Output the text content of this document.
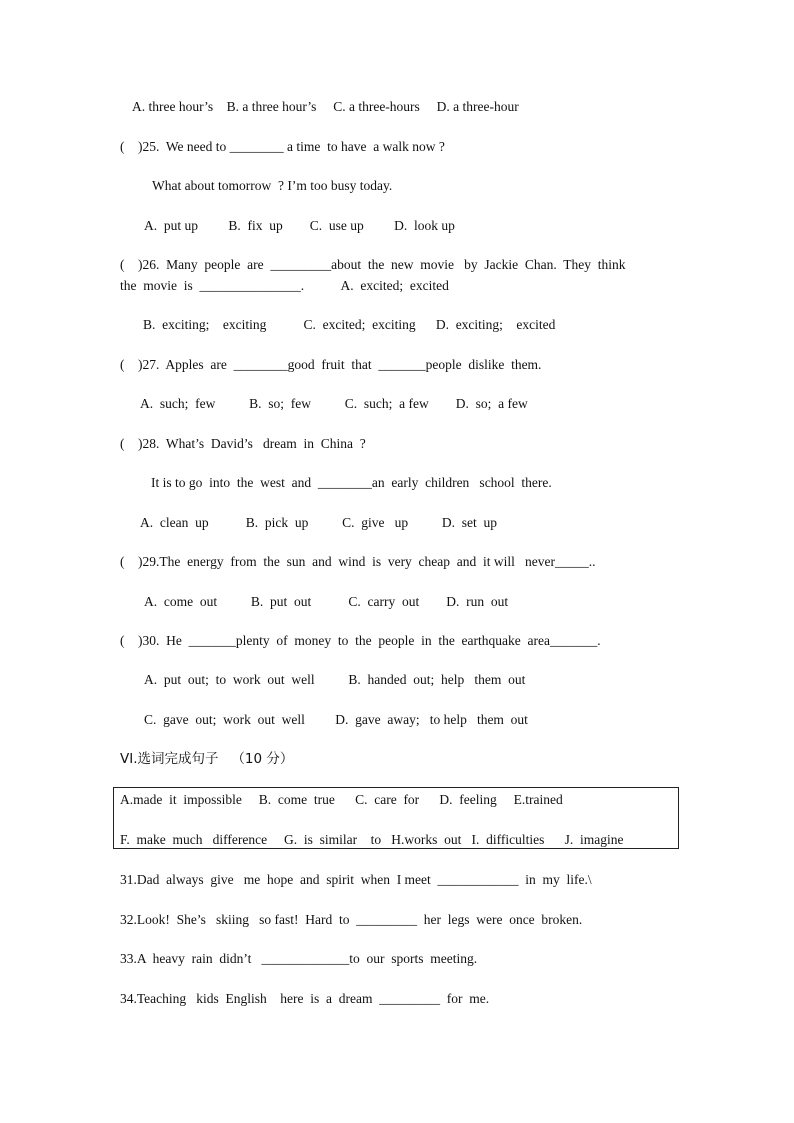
A. three hour’s    B. a three hour’s     C. a three-hours     D. a three-hour
(    )25.  We need to ________ a time  to have  a walk now ?
What about tomorrow  ? I’m too busy today.
A.  put up         B.  fix  up        C.  use up         D.  look up
(    )26.  Many  people  are  _________about  the  new  movie   by  Jackie  Chan.  They  think
the  movie  is  _______________.           A.  excited;  excited
B.  exciting;    exciting           C.  excited;  exciting      D.  exciting;    excited
(    )27.  Apples  are  ________good  fruit  that  _______people  dislike  them.
A.  such;  few          B.  so;  few          C.  such;  a few        D.  so;  a few
(    )28.  What’s  David’s   dream  in  China  ?
It is to go  into  the  west  and  ________an  early  children   school  there.
A.  clean  up           B.  pick  up          C.  give   up          D.  set  up
(    )29.The  energy  from  the  sun  and  wind  is  very  cheap  and  it will   never_____..
A.  come  out          B.  put  out           C.  carry  out        D.  run  out
(    )30.  He  _______plenty  of  money  to  the  people  in  the  earthquake  area_______.
A.  put  out;  to  work  out  well          B.  handed  out;  help   them  out
C.  gave  out;  work  out  well         D.  gave  away;   to help   them  out
VI.选词完成句子   （10 分）
A.made  it  impossible     B.  come  true      C.  care  for      D.  feeling     E.trained
F.  make  much   difference     G.  is  similar    to   H.works  out   I.  difficulties      J.  imagine
31.Dad  always  give   me  hope  and  spirit  when  I meet  ____________  in  my  life.\
32.Look!  She’s   skiing   so fast!  Hard  to  _________  her  legs  were  once  broken.
33.A  heavy  rain  didn’t   _____________to  our  sports  meeting.
34.Teaching   kids  English    here  is  a  dream  _________  for  me.
